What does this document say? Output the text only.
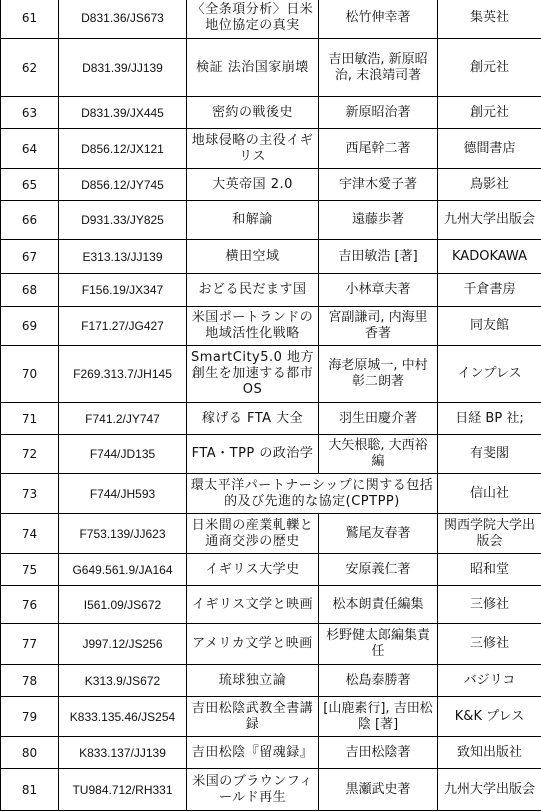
61	D831.36/JS673	〈全条項分析〉日米地位協定の真実	松竹伸幸著	集英社
62	D831.39/JJ139	検証 法治国家崩壊	吉田敏浩, 新原昭治, 末浪靖司著	創元社
63	D831.39/JX445	密約の戦後史	新原昭治著	創元社
64	D856.12/JX121	地球侵略の主役イギリス	西尾幹二著	德間書店
65	D856.12/JY745	大英帝国 2.0	宇津木愛子著	鳥影社
66	D931.33/JY825	和解論	遠藤歩著	九州大学出版会
67	E313.13/JJ139	横田空域	吉田敏浩 [著]	KADOKAWA
68	F156.19/JX347	おどる民だます国	小林章夫著	千倉書房
69	F171.27/JG427	米国ポートランドの地域活性化戦略	宮副謙司, 内海里香著	同友館
70	F269.313.7/JH145	SmartCity5.0 地方創生を加速する都市 OS	海老原城一, 中村彰二朗著	インプレス
71	F741.2/JY747	稼げる FTA 大全	羽生田慶介著	日経 BP 社;
72	F744/JD135	FTA・TPP の政治学	大矢根聡, 大西裕編	有斐閣
73	F744/JH593	環太平洋パートナーシップに関する包括的及び先進的な協定(CPTPP)		信山社
74	F753.139/JJ623	日米間の産業軋轢と通商交渉の歴史	鷲尾友春著	関西学院大学出版会
75	G649.561.9/JA164	イギリス大学史	安原義仁著	昭和堂
76	I561.09/JS672	イギリス文学と映画	松本朗責任編集	三修社
77	J997.12/JS256	アメリカ文学と映画	杉野健太郎編集責任	三修社
78	K313.9/JS672	琉球独立論	松島泰勝著	バジリコ
79	K833.135.46/JS254	吉田松陰武教全書講録	[山鹿素行], 吉田松陰 [著]	K&K プレス
80	K833.137/JJ139	吉田松陰『留魂録』	吉田松陰著	致知出版社
81	TU984.712/RH331	米国のブラウンフィールド再生	黒瀬武史著	九州大学出版会
